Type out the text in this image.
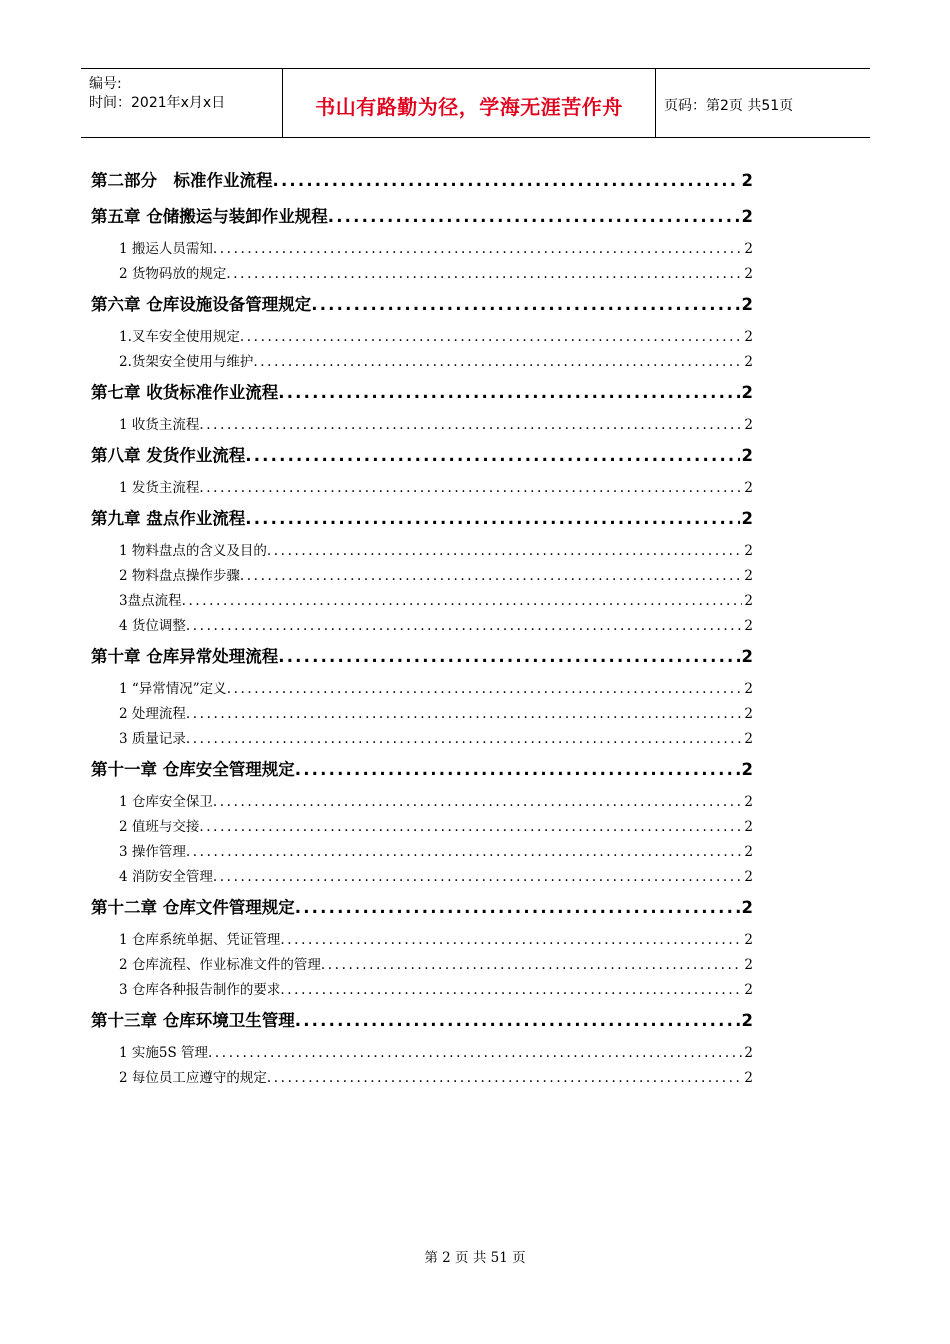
编号:
时间：2021年x月x日	书山有路勤为径，学海无涯苦作舟	页码：第2页 共51页
第二部分　标准作业流程 .....	2
第五章 仓储搬运与装卸作业规程 .....	2
1 搬运人员需知 .....	2
2 货物码放的规定 .....	2
第六章 仓库设施设备管理规定 .....	2
1.叉车安全使用规定 .....	2
2.货架安全使用与维护 .....	2
第七章 收货标准作业流程 .....	2
1 收货主流程 .....	2
第八章 发货作业流程 .....	2
1 发货主流程 .....	2
第九章 盘点作业流程 .....	2
1 物料盘点的含义及目的 .....	2
2 物料盘点操作步骤 .....	2
3盘点流程 .....	2
4 货位调整 .....	2
第十章 仓库异常处理流程 .....	2
1 “异常情况”定义 .....	2
2 处理流程 .....	2
3 质量记录 .....	2
第十一章 仓库安全管理规定 .....	2
1 仓库安全保卫 .....	2
2 值班与交接 .....	2
3 操作管理 .....	2
4 消防安全管理 .....	2
第十二章 仓库文件管理规定 .....	2
1 仓库系统单据、凭证管理 .....	2
2 仓库流程、作业标准文件的管理 .....	2
3 仓库各种报告制作的要求 .....	2
第十三章 仓库环境卫生管理 .....	2
1 实施5S 管理 .....	2
2 每位员工应遵守的规定 .....	2
第 2 页 共 51 页
